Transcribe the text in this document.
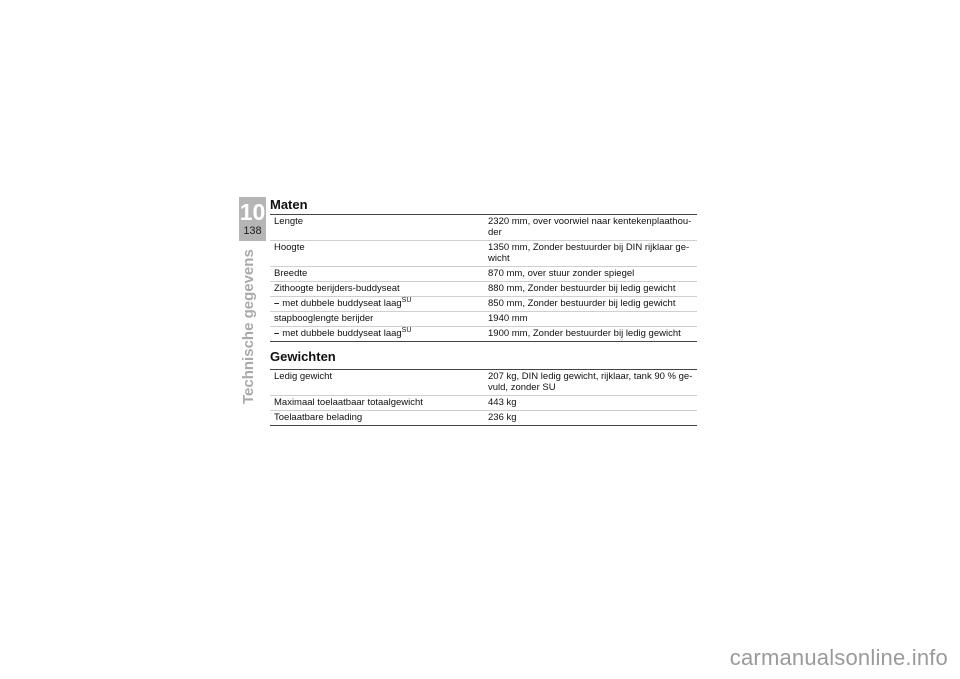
10
138
Technische gegevens
Maten
Lengte	2320 mm, over voorwiel naar kentekenplaathou-
der
Hoogte	1350 mm, Zonder bestuurder bij DIN rijklaar ge-
wicht
Breedte	870 mm, over stuur zonder spiegel
Zithoogte berijders-buddyseat	880 mm, Zonder bestuurder bij ledig gewicht
– met dubbele buddyseat laag$^{SU}$	850 mm, Zonder bestuurder bij ledig gewicht
stapbooglengte berijder	1940 mm
– met dubbele buddyseat laag$^{SU}$	1900 mm, Zonder bestuurder bij ledig gewicht
Gewichten
Ledig gewicht	207 kg, DIN ledig gewicht, rijklaar, tank 90 % ge-
vuld, zonder SU
Maximaal toelaatbaar totaalgewicht	443 kg
Toelaatbare belading	236 kg
carmanualsonline.info
